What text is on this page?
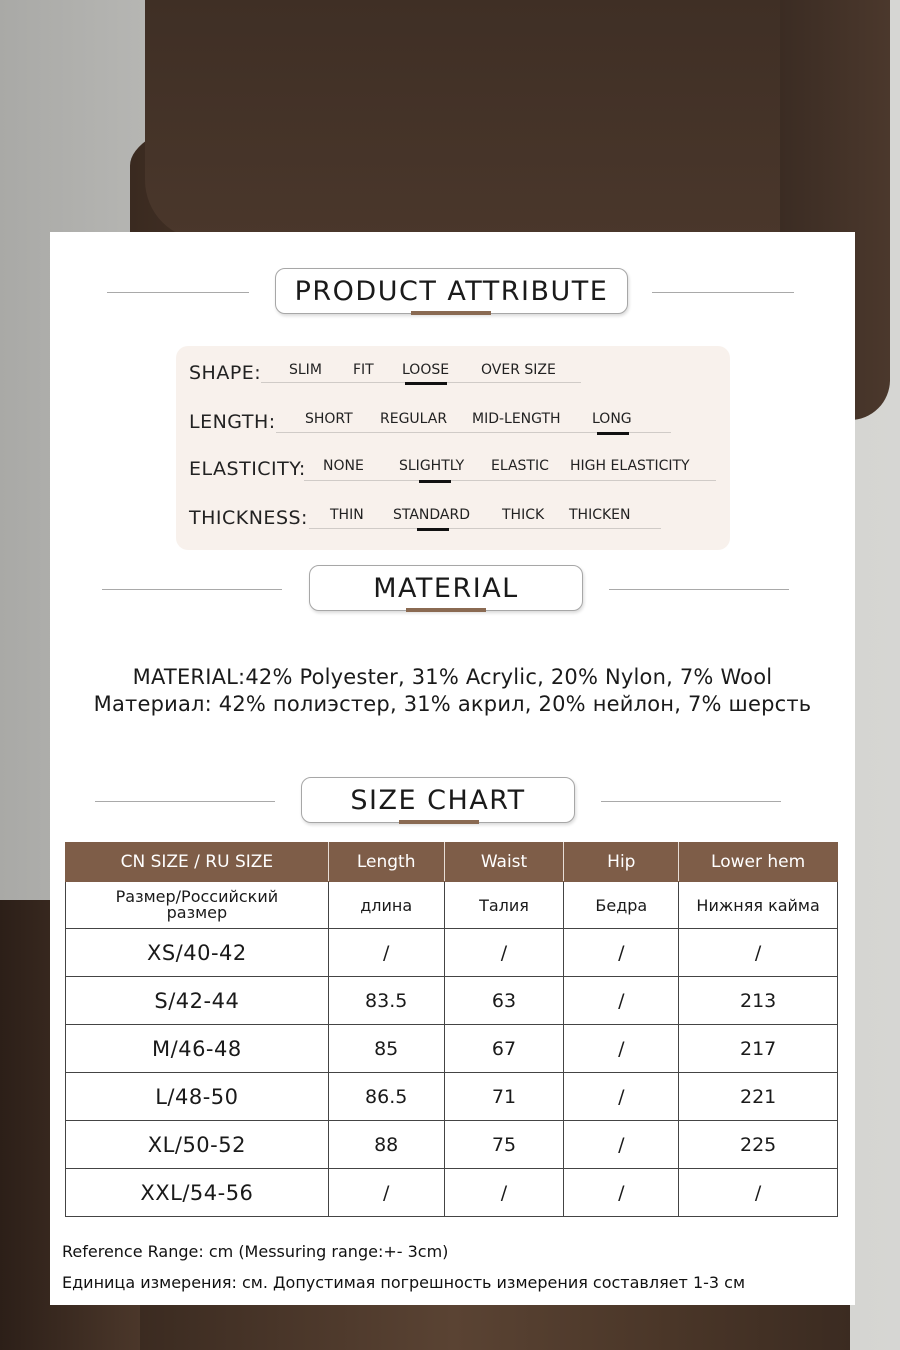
PRODUCT ATTRIBUTE
SHAPE: SLIM FIT LOOSE OVER SIZE
LENGTH: SHORT REGULAR MID-LENGTH LONG
ELASTICITY: NONE	SLIGHTLY ELASTIC HIGH ELASTICITY
THICKNESS: THIN STANDARD THICK THICKEN
MATERIAL
MATERIAL:42% Polyester, 31% Acrylic, 20% Nylon, 7% Wool
Материал: 42% полиэстер, 31% акрил, 20% нейлон, 7% шерсть
SIZE CHART
CN SIZE / RU SIZE	Length	Waist	Hip	Lower hem
Размер/Российский размер	длина	Талия	Бедра	Нижняя кайма
XS/40-42	/	/	/	/
S/42-44	83.5	63	/	213
M/46-48	85	67	/	217
L/48-50	86.5	71	/	221
XL/50-52	88	75	/	225
XXL/54-56	/	/	/	/
Reference Range: cm (Messuring range:+- 3cm)
Единица измерения: см. Допустимая погрешность измерения составляет 1-3 см
